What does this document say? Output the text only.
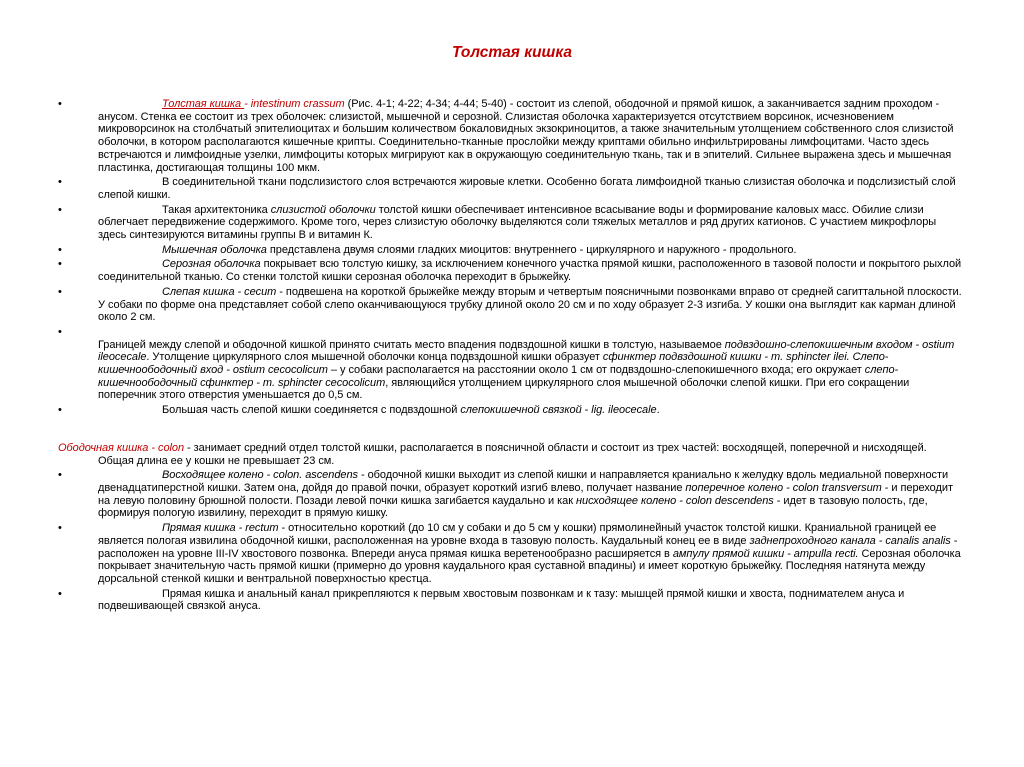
Толстая кишка
•	Толстая кишка - intestinum crassum (Рис. 4-1; 4-22; 4-34; 4-44; 5-40) - состоит из слепой, ободочной и прямой кишок, а заканчивается задним проходом - анусом. Стенка ее состоит из трех оболочек: слизистой, мышечной и серозной. Слизистая оболочка характеризуется отсутствием ворсинок, исчезновением микроворсинок на столбчатый эпителиоцитах и большим количеством бокаловидных экзокриноцитов, а также значительным утолщением собственного слоя слизистой оболочки, в котором располагаются кишечные крипты. Соединительно-тканные прослойки между криптами обильно инфильтрированы лимфоцитами. Часто здесь встречаются и лимфоидные узелки, лимфоциты которых мигрируют как в окружающую соединительную ткань, так и в эпителий. Сильнее выражена здесь и мышечная пластинка, достигающая толщины 100 мкм.
•	В соединительной ткани подслизистого слоя встречаются жировые клетки. Особенно богата лимфоидной тканью слизистая оболочка и подслизистый слой слепой кишки.
•	Такая архитектоника слизистой оболочки толстой кишки обеспечивает интенсивное всасывание воды и формирование каловых масс. Обилие слизи облегчает передвижение содержимого. Кроме того, через слизистую оболочку выделяются соли тяжелых металлов и ряд других катионов. С участием микрофлоры здесь синтезируются витамины группы В и витамин К.
•	Мышечная оболочка представлена двумя слоями гладких миоцитов: внутреннего - циркулярного и наружного - продольного.
•	Серозная оболочка покрывает всю толстую кишку, за исключением конечного участка прямой кишки, расположенного в тазовой полости и покрытого рыхлой соединительной тканью. Со стенки толстой кишки серозная оболочка переходит в брыжейку.
•	Слепая кишка - cecum - подвешена на короткой брыжейке между вторым и четвертым поясничными позвонками вправо от средней сагиттальной плоскости. У собаки по форме она представляет собой слепо оканчивающуюся трубку длиной около 20 см и по ходу образует 2-3 изгиба. У кошки она выглядит как карман длиной около 2 см.
•

Границей между слепой и ободочной кишкой принято считать место впадения подвздошной кишки в толстую, называемое подвздошно-слепокишечным входом - ostium ileocecale. Утолщение циркулярного слоя мышечной оболочки конца подвздошной кишки образует сфинктер подвздошной кишки - m. sphincter ilei. Слепо-кишечноободочный вход - ostium cecocolicum – у собаки располагается на расстоянии около 1 см от подвздошно-слепокишечного входа; его окружает слепо-кишечноободочный сфинктер - m. sphincter cecocolicum, являющийся утолщением циркулярного слоя мышечной оболочки слепой кишки. При его сокращении поперечник этого отверстия уменьшается до 0,5 см.
•	Большая часть слепой кишки соединяется с подвздошной слепокишечной связкой - lig. ileocecale.
Ободочная кишка - colon - занимает средний отдел толстой кишки, располагается в поясничной области и состоит из трех частей: восходящей, поперечной и нисходящей. Общая длина ее у кошки не превышает 23 см.
•	Восходящее колено - colon. ascendens - ободочной кишки выходит из слепой кишки и направляется краниально к желудку вдоль медиальной поверхности двенадцатиперстной кишки. Затем она, дойдя до правой почки, образует короткий изгиб влево, получает название поперечное колено - colon transversum - и переходит на левую половину брюшной полости. Позади левой почки кишка загибается каудально и как нисходящее колено - colon descendens - идет в тазовую полость, где, формируя пологую извилину, переходит в прямую кишку.
•	Прямая кишка - rectum - относительно короткий (до 10 см у собаки и до 5 см у кошки) прямолинейный участок толстой кишки. Краниальной границей ее является пологая извилина ободочной кишки, расположенная на уровне входа в тазовую полость. Каудальный конец ее в виде заднепроходного канала - canalis analis - расположен на уровне III-IV хвостового позвонка. Впереди ануса прямая кишка веретенообразно расширяется в ампулу прямой кишки - ampulla recti. Серозная оболочка покрывает значительную часть прямой кишки (примерно до уровня каудального края суставной впадины) и имеет короткую брыжейку. Последняя натянута между дорсальной стенкой кишки и вентральной поверхностью крестца.
•	Прямая кишка и анальный канал прикрепляются к первым хвостовым позвонкам и к тазу: мышцей прямой кишки и хвоста, поднимателем ануса и подвешивающей связкой ануса.
